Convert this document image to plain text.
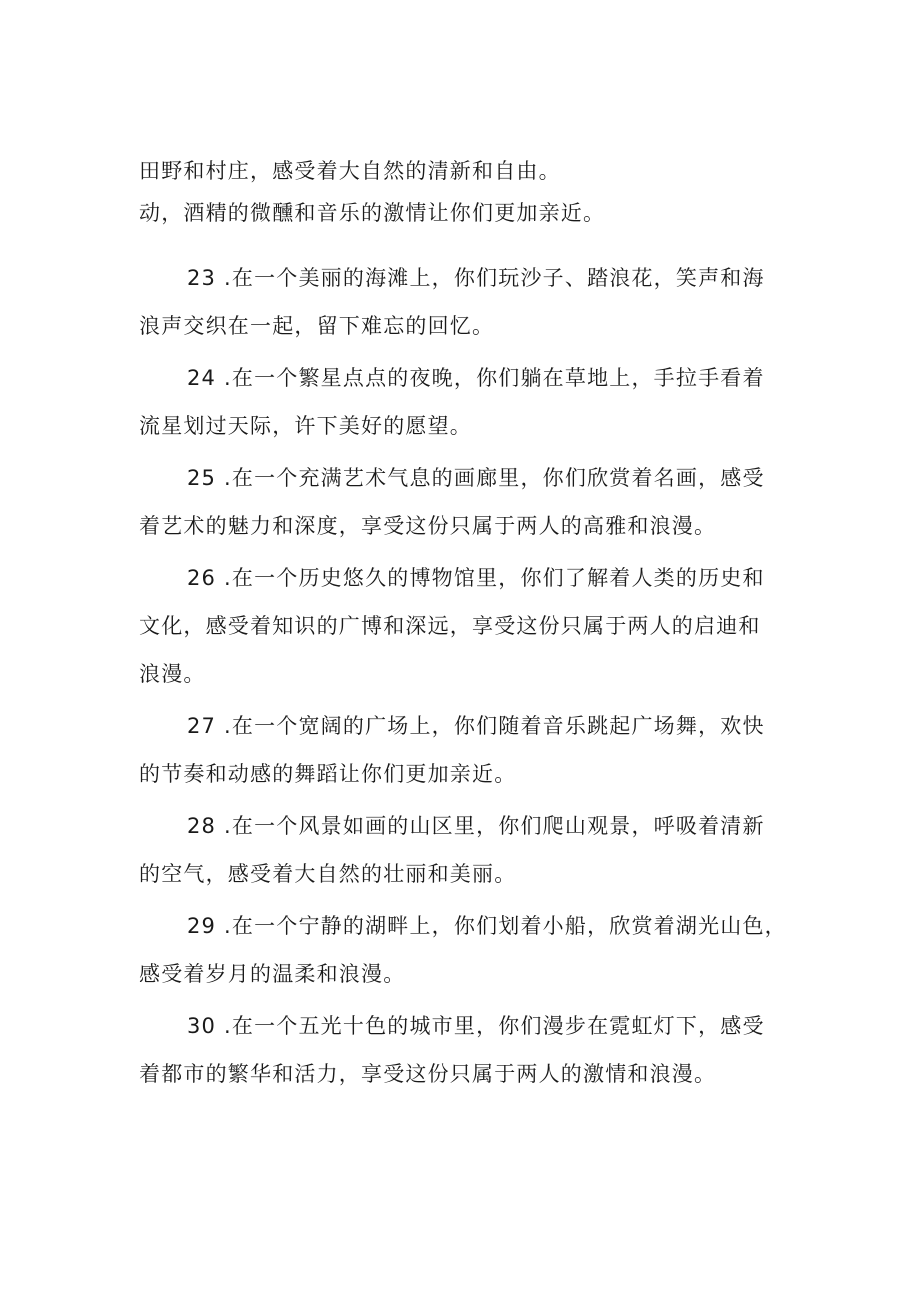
田野和村庄，感受着大自然的清新和自由。
动，酒精的微醺和音乐的激情让你们更加亲近。
23 .在一个美丽的海滩上，你们玩沙子、踏浪花，笑声和海
浪声交织在一起，留下难忘的回忆。
24 .在一个繁星点点的夜晚，你们躺在草地上，手拉手看着
流星划过天际，许下美好的愿望。
25 .在一个充满艺术气息的画廊里，你们欣赏着名画，感受
着艺术的魅力和深度，享受这份只属于两人的高雅和浪漫。
26 .在一个历史悠久的博物馆里，你们了解着人类的历史和
文化，感受着知识的广博和深远，享受这份只属于两人的启迪和
浪漫。
27 .在一个宽阔的广场上，你们随着音乐跳起广场舞，欢快
的节奏和动感的舞蹈让你们更加亲近。
28 .在一个风景如画的山区里，你们爬山观景，呼吸着清新
的空气，感受着大自然的壮丽和美丽。
29 .在一个宁静的湖畔上，你们划着小船，欣赏着湖光山色，
感受着岁月的温柔和浪漫。
30 .在一个五光十色的城市里，你们漫步在霓虹灯下，感受
着都市的繁华和活力，享受这份只属于两人的激情和浪漫。
